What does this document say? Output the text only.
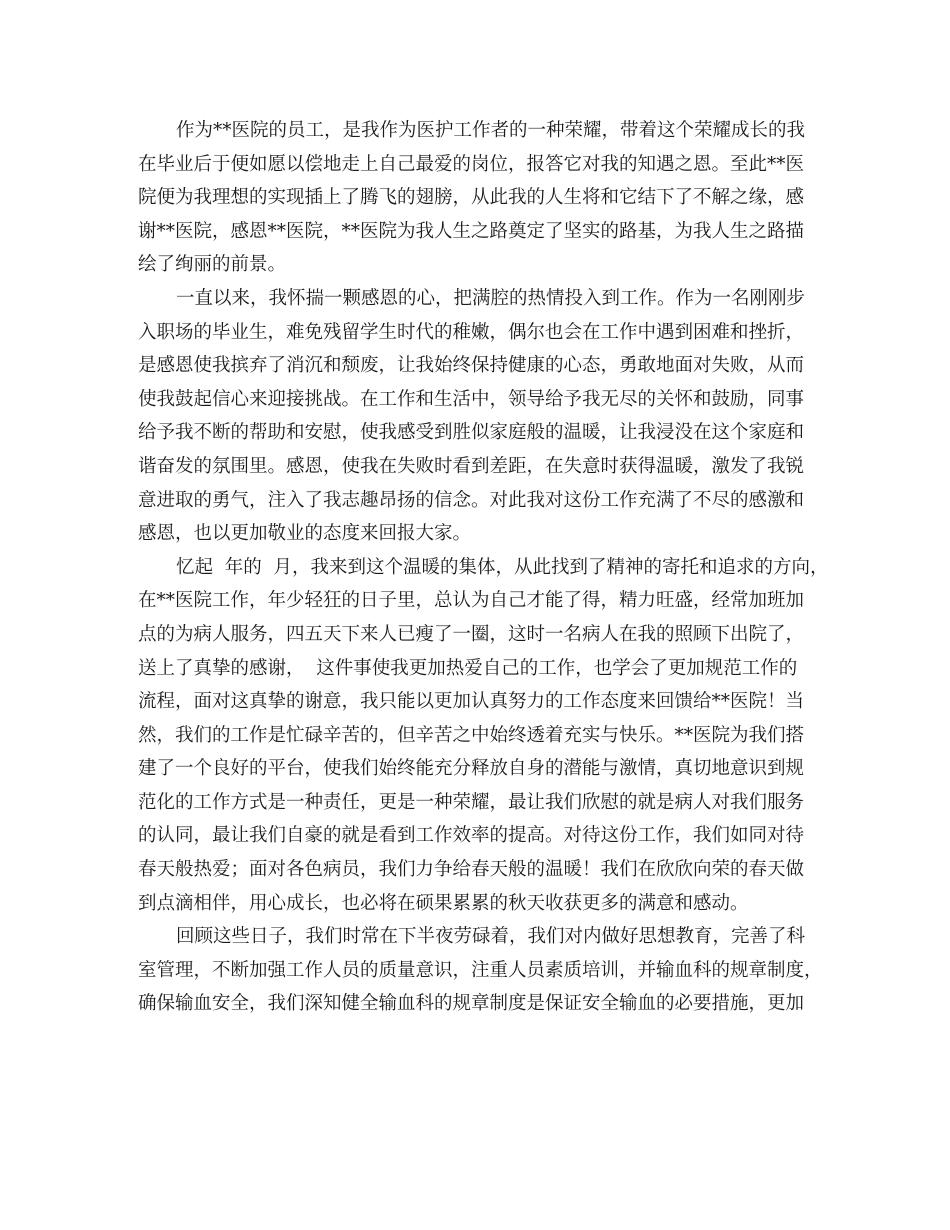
作为**医院的员工，是我作为医护工作者的一种荣耀，带着这个荣耀成长的我
在毕业后于便如愿以偿地走上自己最爱的岗位，报答它对我的知遇之恩。至此**医
院便为我理想的实现插上了腾飞的翅膀，从此我的人生将和它结下了不解之缘，感
谢**医院，感恩**医院，**医院为我人生之路奠定了坚实的路基，为我人生之路描
绘了绚丽的前景。
一直以来，我怀揣一颗感恩的心，把满腔的热情投入到工作。作为一名刚刚步
入职场的毕业生，难免残留学生时代的稚嫩，偶尔也会在工作中遇到困难和挫折，
是感恩使我摈弃了消沉和颓废，让我始终保持健康的心态，勇敢地面对失败，从而
使我鼓起信心来迎接挑战。在工作和生活中，领导给予我无尽的关怀和鼓励，同事
给予我不断的帮助和安慰，使我感受到胜似家庭般的温暖，让我浸没在这个家庭和
谐奋发的氛围里。感恩，使我在失败时看到差距，在失意时获得温暖，激发了我锐
意进取的勇气，注入了我志趣昂扬的信念。对此我对这份工作充满了不尽的感激和
感恩，也以更加敬业的态度来回报大家。
忆起  年的  月，我来到这个温暖的集体，从此找到了精神的寄托和追求的方向，
在**医院工作，年少轻狂的日子里，总认为自己才能了得，精力旺盛，经常加班加
点的为病人服务，四五天下来人已瘦了一圈，这时一名病人在我的照顾下出院了，
送上了真挚的感谢，  这件事使我更加热爱自己的工作，也学会了更加规范工作的
流程，面对这真挚的谢意，我只能以更加认真努力的工作态度来回馈给**医院！当
然，我们的工作是忙碌辛苦的，但辛苦之中始终透着充实与快乐。**医院为我们搭
建了一个良好的平台，使我们始终能充分释放自身的潜能与激情，真切地意识到规
范化的工作方式是一种责任，更是一种荣耀，最让我们欣慰的就是病人对我们服务
的认同，最让我们自豪的就是看到工作效率的提高。对待这份工作，我们如同对待
春天般热爱；面对各色病员，我们力争给春天般的温暖！我们在欣欣向荣的春天做
到点滴相伴，用心成长，也必将在硕果累累的秋天收获更多的满意和感动。
回顾这些日子，我们时常在下半夜劳碌着，我们对内做好思想教育，完善了科
室管理，不断加强工作人员的质量意识，注重人员素质培训，并输血科的规章制度，
确保输血安全，我们深知健全输血科的规章制度是保证安全输血的必要措施，更加
